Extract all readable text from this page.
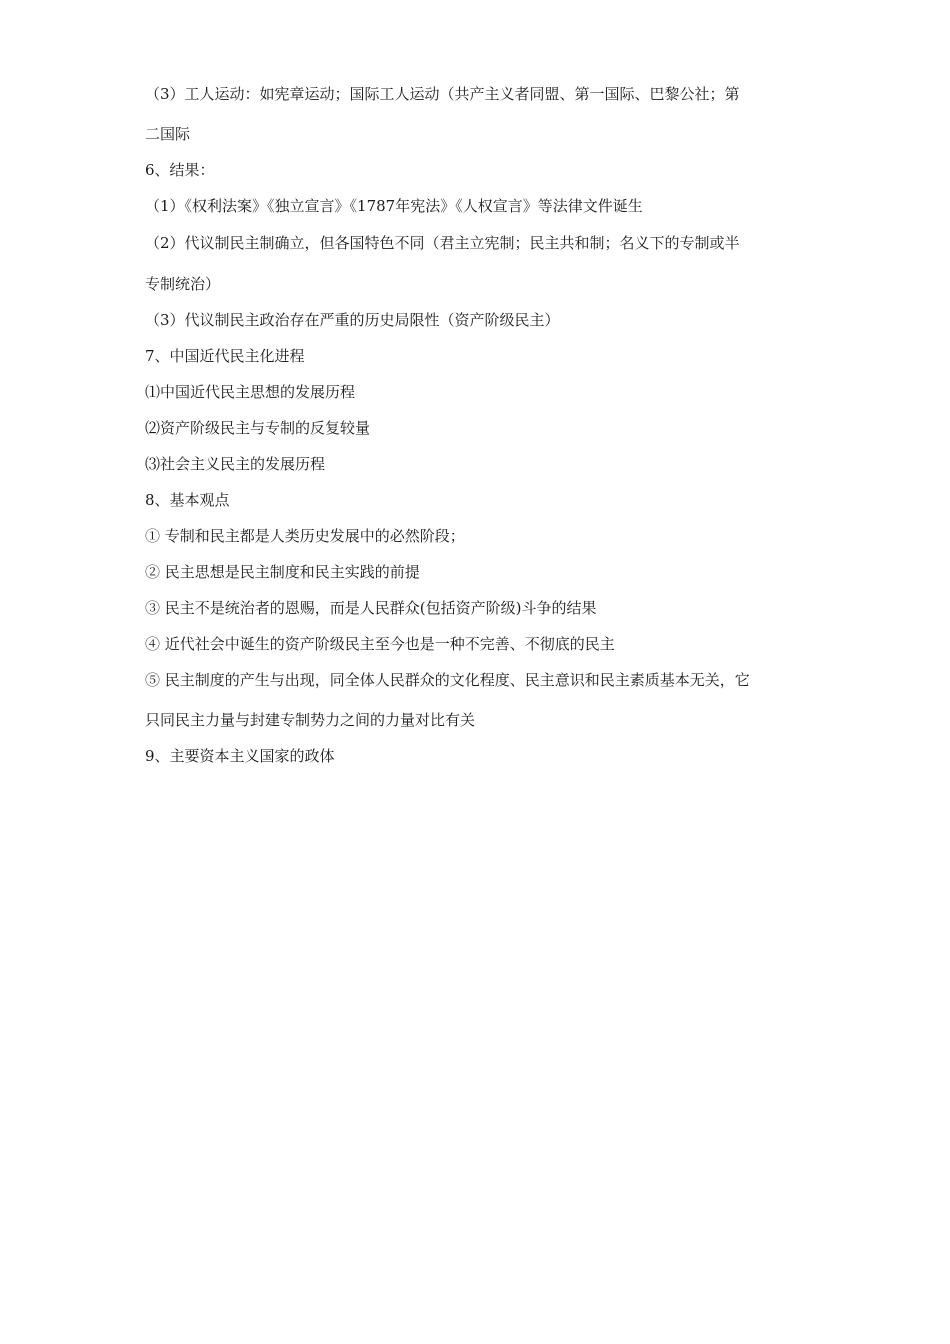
（3）工人运动：如宪章运动；国际工人运动（共产主义者同盟、第一国际、巴黎公社；第
二国际
6、结果：
（1）《权利法案》《独立宣言》《1787年宪法》《人权宣言》等法律文件诞生
（2）代议制民主制确立，但各国特色不同（君主立宪制；民主共和制；名义下的专制或半
专制统治）
（3）代议制民主政治存在严重的历史局限性（资产阶级民主）
7、中国近代民主化进程
⑴中国近代民主思想的发展历程
⑵资产阶级民主与专制的反复较量
⑶社会主义民主的发展历程
8、基本观点
① 专制和民主都是人类历史发展中的必然阶段；
② 民主思想是民主制度和民主实践的前提
③ 民主不是统治者的恩赐，而是人民群众(包括资产阶级)斗争的结果
④ 近代社会中诞生的资产阶级民主至今也是一种不完善、不彻底的民主
⑤ 民主制度的产生与出现，同全体人民群众的文化程度、民主意识和民主素质基本无关，它
只同民主力量与封建专制势力之间的力量对比有关
9、主要资本主义国家的政体
